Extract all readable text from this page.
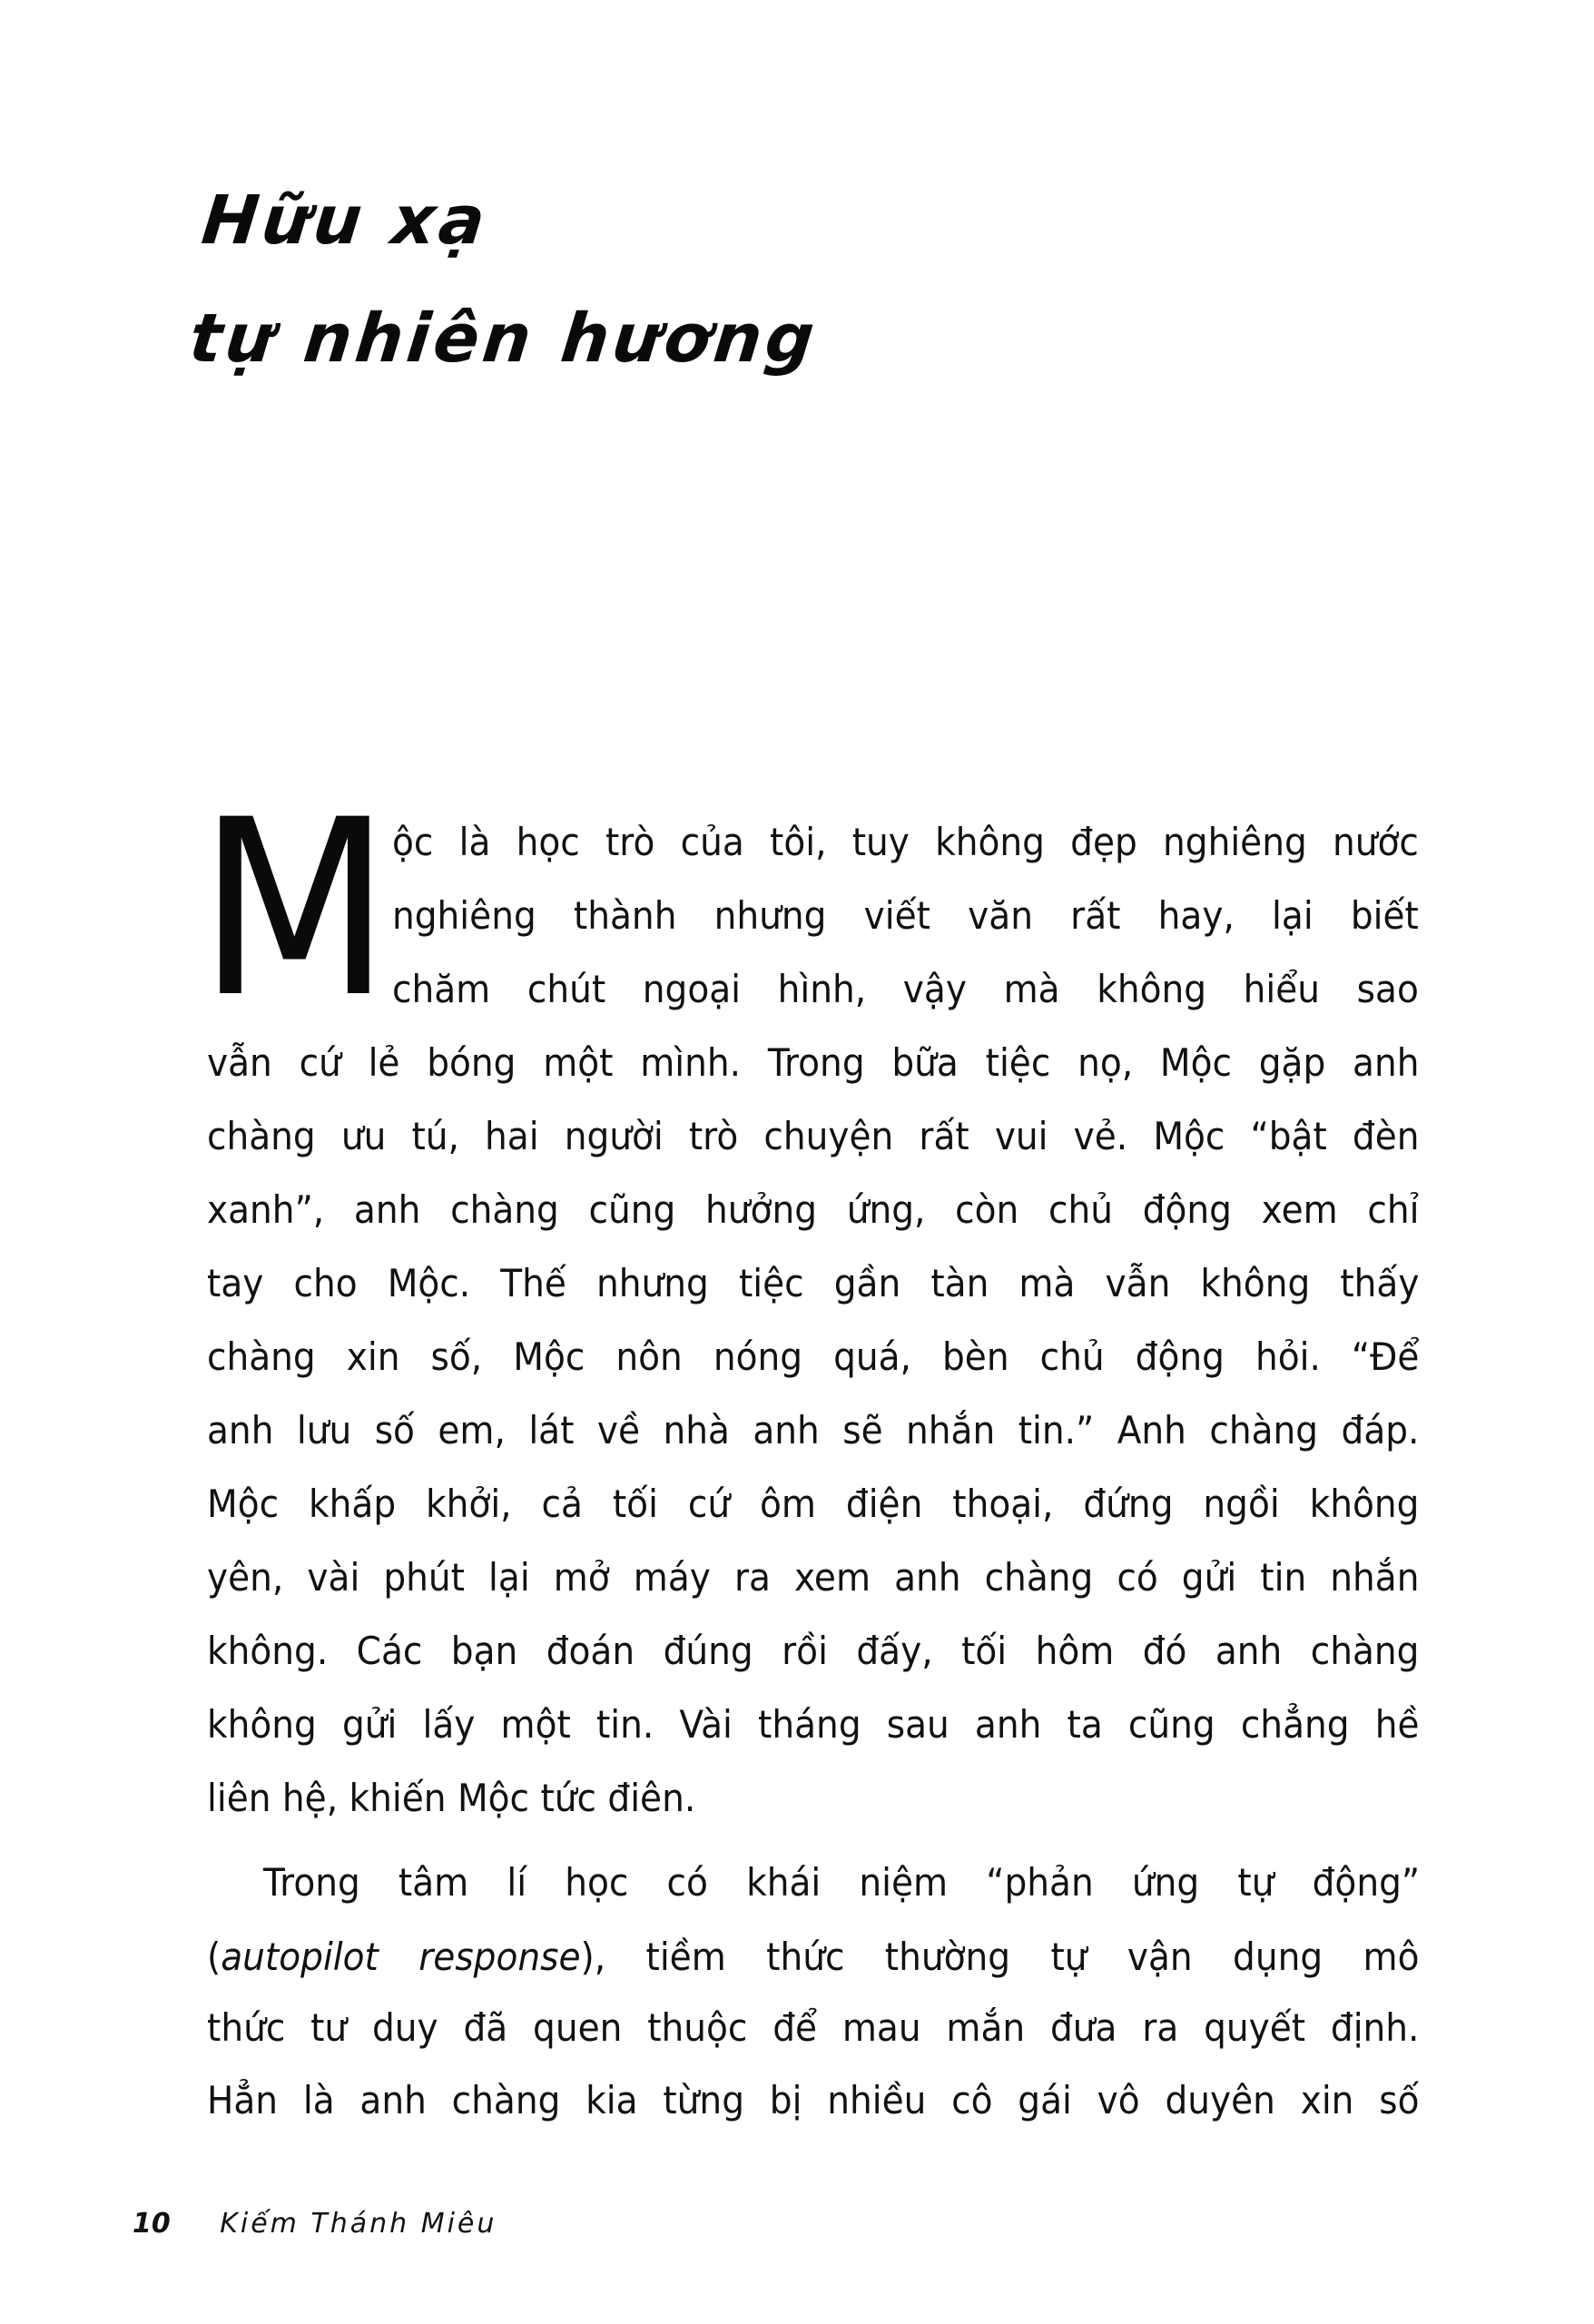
Hữu xạ
tự nhiên hương
M ộc là học trò của tôi, tuy không đẹp nghiêng nước
nghiêng thành nhưng viết văn rất hay, lại biết
chăm chút ngoại hình, vậy mà không hiểu sao
vẫn cứ lẻ bóng một mình. Trong bữa tiệc nọ, Mộc gặp anh
chàng ưu tú, hai người trò chuyện rất vui vẻ. Mộc “bật đèn
xanh”, anh chàng cũng hưởng ứng, còn chủ động xem chỉ
tay cho Mộc. Thế nhưng tiệc gần tàn mà vẫn không thấy
chàng xin số, Mộc nôn nóng quá, bèn chủ động hỏi. “Để
anh lưu số em, lát về nhà anh sẽ nhắn tin.” Anh chàng đáp.
Mộc khấp khởi, cả tối cứ ôm điện thoại, đứng ngồi không
yên, vài phút lại mở máy ra xem anh chàng có gửi tin nhắn
không. Các bạn đoán đúng rồi đấy, tối hôm đó anh chàng
không gửi lấy một tin. Vài tháng sau anh ta cũng chẳng hề
liên hệ, khiến Mộc tức điên.
Trong tâm lí học có khái niệm “phản ứng tự động”
(autopilot response), tiềm thức thường tự vận dụng mô
thức tư duy đã quen thuộc để mau mắn đưa ra quyết định.
Hẳn là anh chàng kia từng bị nhiều cô gái vô duyên xin số
10 Kiếm Thánh Miêu
